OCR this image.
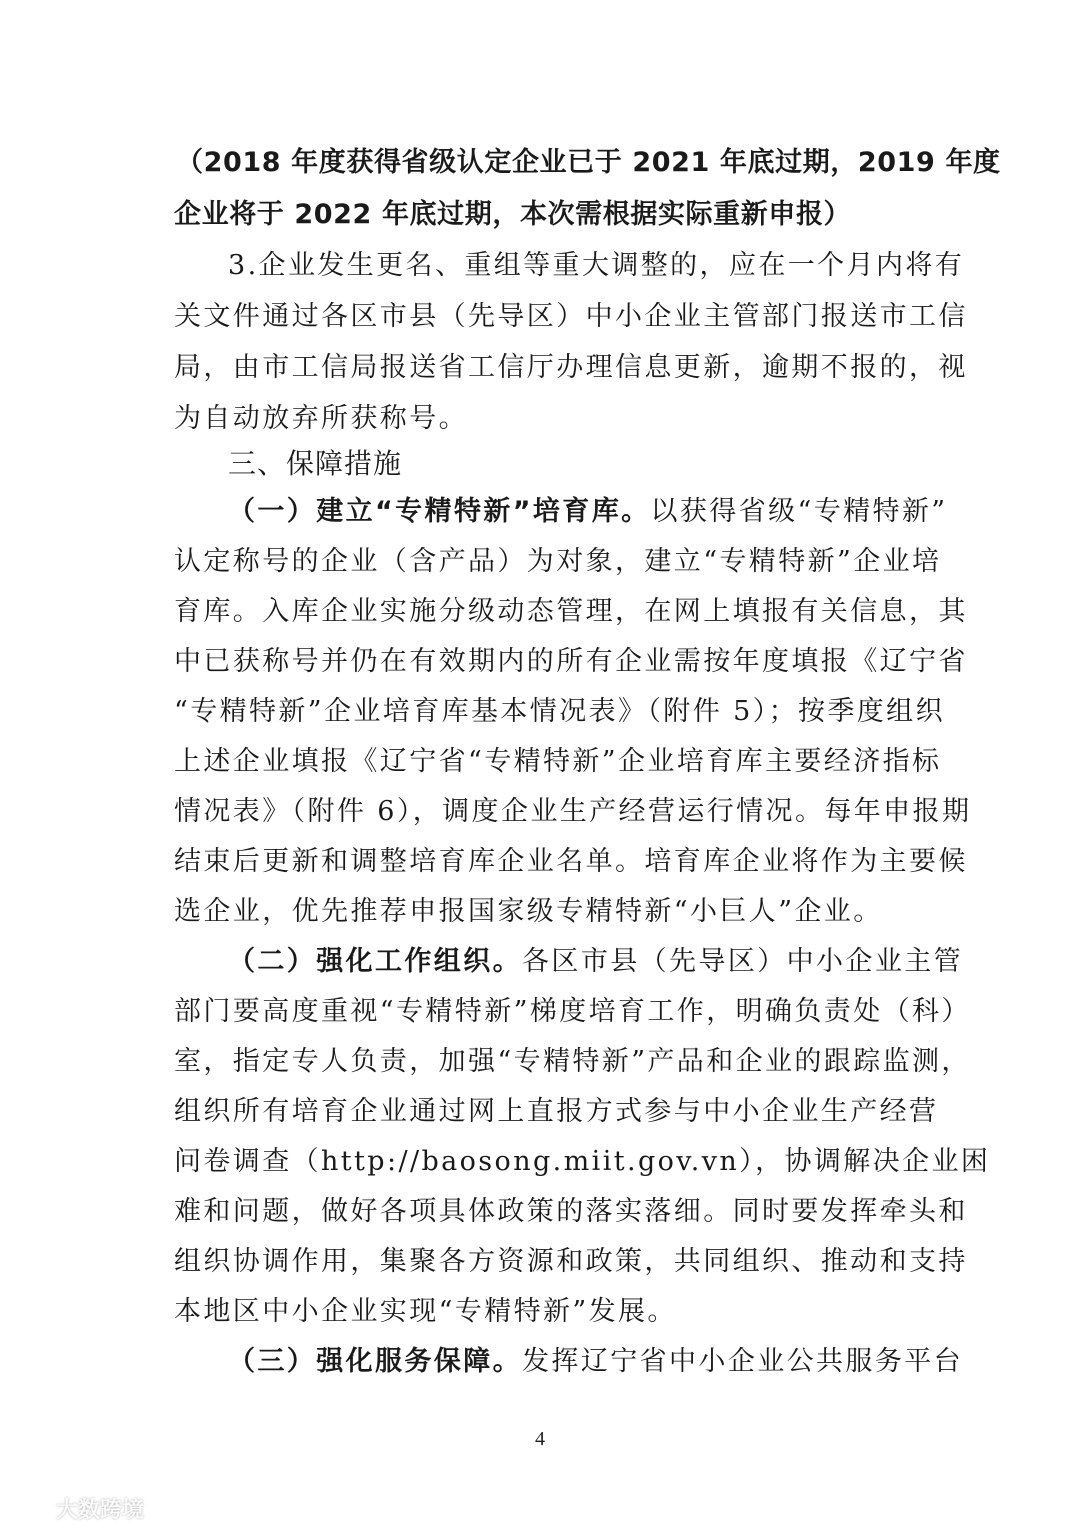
（2018 年度获得省级认定企业已于 2021 年底过期，2019 年度
企业将于 2022 年底过期，本次需根据实际重新申报）
3.企业发生更名、重组等重大调整的，应在一个月内将有
关文件通过各区市县（先导区）中小企业主管部门报送市工信
局，由市工信局报送省工信厅办理信息更新，逾期不报的，视
为自动放弃所获称号。
三、保障措施
（一）建立“专精特新”培育库。以获得省级“专精特新”
认定称号的企业（含产品）为对象，建立“专精特新”企业培
育库。入库企业实施分级动态管理，在网上填报有关信息，其
中已获称号并仍在有效期内的所有企业需按年度填报《辽宁省
“专精特新”企业培育库基本情况表》（附件 5）；按季度组织
上述企业填报《辽宁省“专精特新”企业培育库主要经济指标
情况表》（附件 6），调度企业生产经营运行情况。每年申报期
结束后更新和调整培育库企业名单。培育库企业将作为主要候
选企业，优先推荐申报国家级专精特新“小巨人”企业。
（二）强化工作组织。各区市县（先导区）中小企业主管
部门要高度重视“专精特新”梯度培育工作，明确负责处（科）
室，指定专人负责，加强“专精特新”产品和企业的跟踪监测，
组织所有培育企业通过网上直报方式参与中小企业生产经营
问卷调查（http://baosong.miit.gov.vn），协调解决企业困
难和问题，做好各项具体政策的落实落细。同时要发挥牵头和
组织协调作用，集聚各方资源和政策，共同组织、推动和支持
本地区中小企业实现“专精特新”发展。
（三）强化服务保障。发挥辽宁省中小企业公共服务平台
4
大数跨境
